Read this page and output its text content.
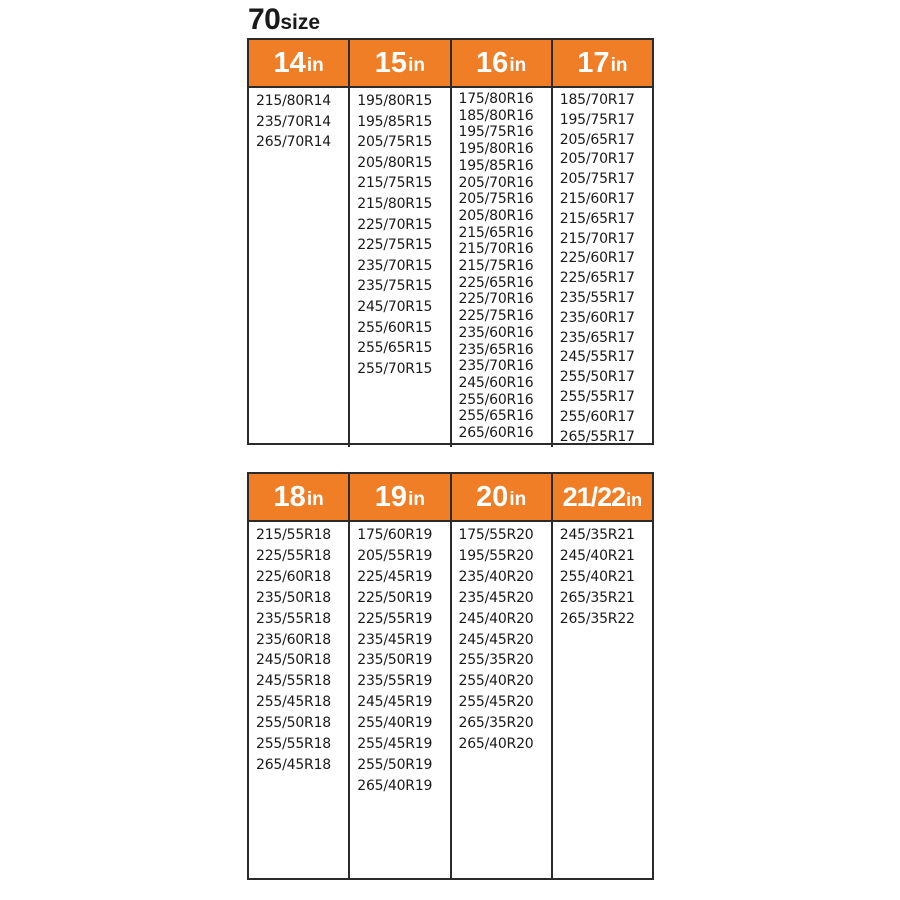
70size
14 in 15 in 16 in 17 in
215/80R14
235/70R14
265/70R14
195/80R15
195/85R15
205/75R15
205/80R15
215/75R15
215/80R15
225/70R15
225/75R15
235/70R15
235/75R15
245/70R15
255/60R15
255/65R15
255/70R15
175/80R16
185/80R16
195/75R16
195/80R16
195/85R16
205/70R16
205/75R16
205/80R16
215/65R16
215/70R16
215/75R16
225/65R16
225/70R16
225/75R16
235/60R16
235/65R16
235/70R16
245/60R16
255/60R16
255/65R16
265/60R16
185/70R17
195/75R17
205/65R17
205/70R17
205/75R17
215/60R17
215/65R17
215/70R17
225/60R17
225/65R17
235/55R17
235/60R17
235/65R17
245/55R17
255/50R17
255/55R17
255/60R17
265/55R17
18 in 19 in 20 in 21/22 in
215/55R18
225/55R18
225/60R18
235/50R18
235/55R18
235/60R18
245/50R18
245/55R18
255/45R18
255/50R18
255/55R18
265/45R18
175/60R19
205/55R19
225/45R19
225/50R19
225/55R19
235/45R19
235/50R19
235/55R19
245/45R19
255/40R19
255/45R19
255/50R19
265/40R19
175/55R20
195/55R20
235/40R20
235/45R20
245/40R20
245/45R20
255/35R20
255/40R20
255/45R20
265/35R20
265/40R20
245/35R21
245/40R21
255/40R21
265/35R21
265/35R22
